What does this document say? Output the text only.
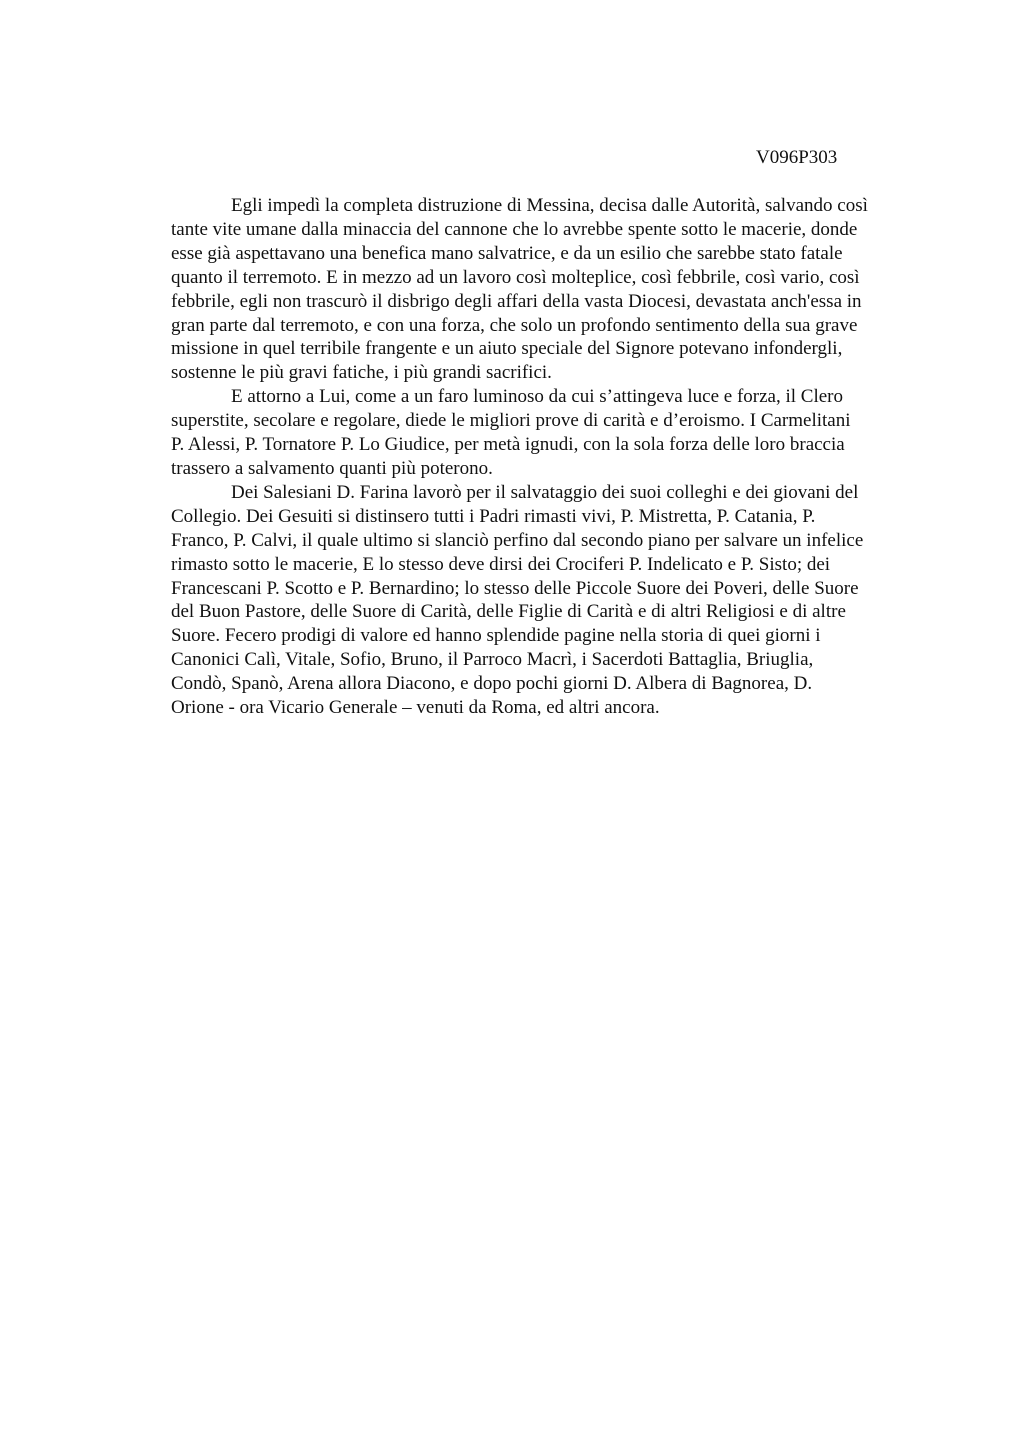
V096P303

Egli impedì la completa distruzione di Messina, decisa dalle Autorità, salvando così
tante vite umane dalla minaccia del cannone che lo avrebbe spente sotto le macerie, donde
esse già aspettavano una benefica mano salvatrice, e da un esilio che sarebbe stato fatale
quanto il terremoto. E in mezzo ad un lavoro così molteplice, così febbrile, così vario, così
febbrile, egli non trascurò il disbrigo degli affari della vasta Diocesi, devastata anch'essa in
gran parte dal terremoto, e con una forza, che solo un profondo sentimento della sua grave
missione in quel terribile frangente e un aiuto speciale del Signore potevano infondergli,
sostenne le più gravi fatiche, i più grandi sacrifici.

E attorno a Lui, come a un faro luminoso da cui s’attingeva luce e forza, il Clero
superstite, secolare e regolare, diede le migliori prove di carità e d’eroismo. I Carmelitani
P. Alessi, P. Tornatore P. Lo Giudice, per metà ignudi, con la sola forza delle loro braccia
trassero a salvamento quanti più poterono.

Dei Salesiani D. Farina lavorò per il salvataggio dei suoi colleghi e dei giovani del
Collegio. Dei Gesuiti si distinsero tutti i Padri rimasti vivi, P. Mistretta, P. Catania, P.
Franco, P. Calvi, il quale ultimo si slanciò perfino dal secondo piano per salvare un infelice
rimasto sotto le macerie, E lo stesso deve dirsi dei Crociferi P. Indelicato e P. Sisto; dei
Francescani P. Scotto e P. Bernardino; lo stesso delle Piccole Suore dei Poveri, delle Suore
del Buon Pastore, delle Suore di Carità, delle Figlie di Carità e di altri Religiosi e di altre
Suore. Fecero prodigi di valore ed hanno splendide pagine nella storia di quei giorni i
Canonici Calì, Vitale, Sofio, Bruno, il Parroco Macrì, i Sacerdoti Battaglia, Briuglia,
Condò, Spanò, Arena allora Diacono, e dopo pochi giorni D. Albera di Bagnorea, D.
Orione - ora Vicario Generale – venuti da Roma, ed altri ancora.
